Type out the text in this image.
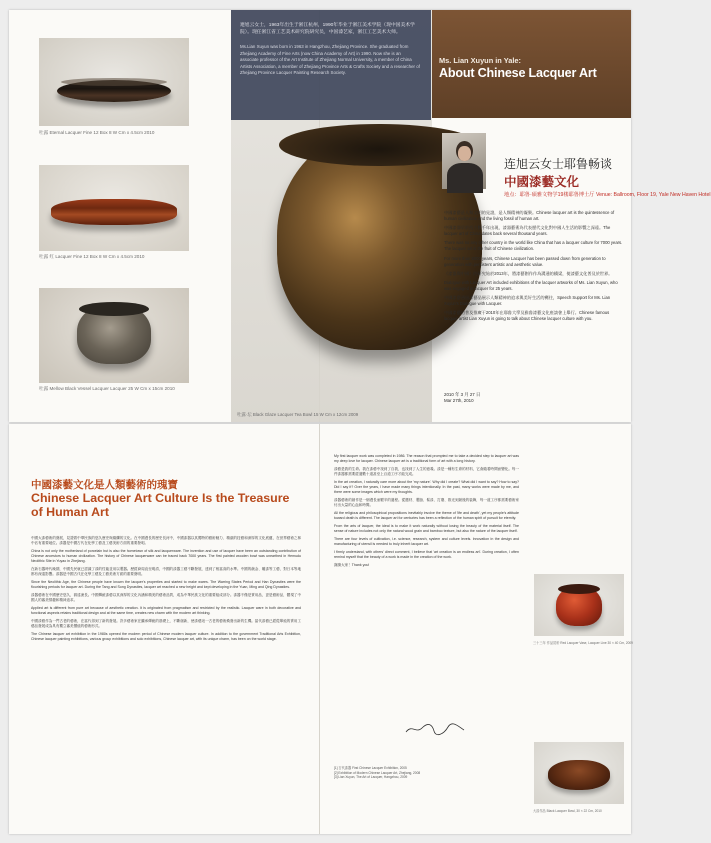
吐露 Eternal Lacquer Fine 12 Box 8 W Cm x 4.5cm 2010
吐露 红 Lacquer Fine 12 Box 8 W Cm x 4.5cm 2010
吐露 Mellow Black Vessel Lacquer Lacquer 25 W Cm x 15cm 2010
連旭云女士，1963年出生于浙江杭州，1990年毕业于浙江美术学院（现中国美术学院）。现任浙江省工艺美术研究院研究员，中国漆艺家，浙江工艺美术大师。
Ms.Lian Xuyun was born in 1963 in Hangzhou, Zhejiang Province. She graduated from Zhejiang Academy of Fine Arts (now China Academy of Art) in 1990. Now she is an associate professor of the Art Institute of Zhejiang Normal University, a member of China Artists Association, a member of Zhejiang Province Arts & Crafts Society and a researcher of Zhejiang Province Lacquer Painting Research Society.
吐露·坛 Black Glaze Lacquer Tea Bowl 15 W Cm x 12cm 2009
Ms. Lian Xuyun in Yale:
About Chinese Lacquer Art
连旭云女士耶鲁畅谈
中國漆藝文化
地点：耶鲁·硕雅文物学19楼耶鲁博士厅 Venue: Ballroom, Floor 19, Yale New Haven Hotel

中國漆藝是人類文明的見證，是人類精神的凝聚。Chinese lacquer art is the quintessence of human civilization and the living fossil of human art.

中國漆器早於西方數千年出現，漆器藝術為代表歷代文化對中國人生活的影響之深遠。The lacquer art of China dates back several thousand years.

There was no any other country in the world like China that has a lacquer culture for 7000 years. The lacquer art is the fruit of Chinese civilization.

For more than 6000 years, Chinese Lacquer has been passed down from generation to generation with persistent artistic and aesthetic value.

《漆器與中國》的研究始於2013年，將漆藝創作作為溝通的橋梁，使漆藝文化普及於世界。

Dialogue with Lacquer Art included exhibitions of the lacquer artworks of Ms. Lian Xuyun, who was engaged in lacquer for 25 years.

中國漆藝通過漆藝品展示人類精神的追求與美好生活的嚮往，Speech Support for Ms. Lian Xuyun's Dialogue with Lacquer.

中國漆藝的普及推廣于2010年在耶魯大學及雅魯漆藝文化座談會上舉行。Chinese famous lacquer artist Lian Xuyun is going to talk about Chinese lacquer culture with you.

2010 年 3 月 27 日
Mar 27th, 2010
中國漆藝文化是人類藝術的瑰寶
Chinese Lacquer Art Culture Is the Treasure of Human Art

中國大漆藝術的發展，見證着中華民族的悠久歷史與燦爛的文化。在中國漫長的歷史長河中，中國漆器以其獨特的藝術魅力、精湛的技藝和深厚的文化底蘊，在世界藝術之林中佔有重要地位。漆器是中國古代在化學工藝及工藝美術方面的重要發明。

China is not only the motherland of porcelain but is also the hometown of silk and lacquerware. The invention and use of lacquer have been an outstanding contribution of Chinese ancestors to human civilization. The history of Chinese lacquerware can be traced back 7000 years. The first painted wooden bowl was unearthed in Hemudu Neolithic Site in Yuyao in Zhejiang.

在新石器時代晚期，中國先民就已認識了漆的性能並用以製器。歷經商周直至明清，中國的漆器工藝不斷發展，達到了相當高的水準。中國的戧金、雕漆等工藝，對日本等地都有深遠影響。漆器是中國古代在化學工藝及工藝美術方面的重要發明。

Since the Neolithic Age, the Chinese people have known the lacquer's properties and started to make wares. The Warring States Period and Han Dynasties were the flourishing periods for lacquer art. During the Tang and Song Dynasties, lacquer art reached a new height and kept developing in the Yuan, Ming and Qing Dynasties.

漆器藝術在中國歷史悠久，源遠流長。中國傳統漆藝以其深厚的文化內涵和精美的藝術品質，成為中華民族文化的重要組成部分。漆器不僅是實用品，更是藝術品，體現了中國人的審美情趣和精神追求。

Applied art is different from pure art because of aesthetic creation. It is originated from pragmatism and restricted by the realistic. Lacquer ware in both decorative and functional aspects retains traditional design and at the same time, creates new charm with the modern art thinking.

中國漆藝作為一門古老的藝術，在當代得到了新的發展。許多藝術家在繼承傳統的基礎上，不斷創新，使漆藝這一古老的藝術煥發出新的生機。當代漆藝已經從單純的實用工藝品發展成為具有獨立審美價值的藝術形式。

The Chinese lacquer art exhibition in the 1980s opened the modern period of Chinese modern lacquer culture. In addition to the government Traditional Arts Exhibition, Chinese lacquer painting exhibitions, various group exhibitions and solo exhibitions, Chinese lacquer art, with its unique charm, has been on the world stage.

My first lacquer work was completed in 1986. The reason that prompted me to take a decided step to lacquer art was my deep love for lacquer. Chinese lacquer art is a traditional form of art with a long history.

漆藝是我的生命。我在漆藝中找到了自我，也找到了人生的意義。漆是一種有生命的材料，它會隨着時間而變化。每一件漆器都需要經過數十道甚至上百道工序才能完成。

In the art creation, I naturally care more about the 'my nature'. Why did I create? What did I want to say? How to say? Did I say it? Over the years, I have made many things intentionally. In the past, many works were made by me, and there were some images which were my thoughts.

漆器藝術的創作是一個漫長而艱辛的過程。從選材、製胎、髹漆、打磨、推光到最後的裝飾，每一道工序都需要藝術家付出大量的心血和時間。

All the religious and philosophical propositions inevitably involve the theme of 'life and death', yet my people's attitude toward death is different. The lacquer art for centuries has been a reflection of the human spirit of pursuit for eternity.

From the arts of lacquer, the ideal is to make it work naturally without losing the beauty of the material itself. The sense of nature includes not only the natural wood grain and bamboo texture, but also the nature of the lacquer itself.

There are four levels of cultivation, i.e. science, research, system and culture levels. Innovation in the design and manufacturing of utensil is needed to truly inherit lacquer art.

I firmly understand, with others' direct comment, I believe that 'art creation is an endless art'. During creation, I often remind myself that the beauty of a work is made in the creation of the work.

謝謝大家！Thank you!

[1] 古代漆器 First Chinese Lacquer Exhibition, 2005
[2] Exhibition of Modern Chinese Lacquer Art, Zhejiang, 2008
[3] Lian Xuyun, The Art of Lacquer, Hangzhou, 2009
三十三年 作品赏析 Red Lacquer Vase, Lacquer Line 30 × 40 Cm, 2009
大漆作品 Black Lacquer Bowl, 30 × 22 Cm, 2010
